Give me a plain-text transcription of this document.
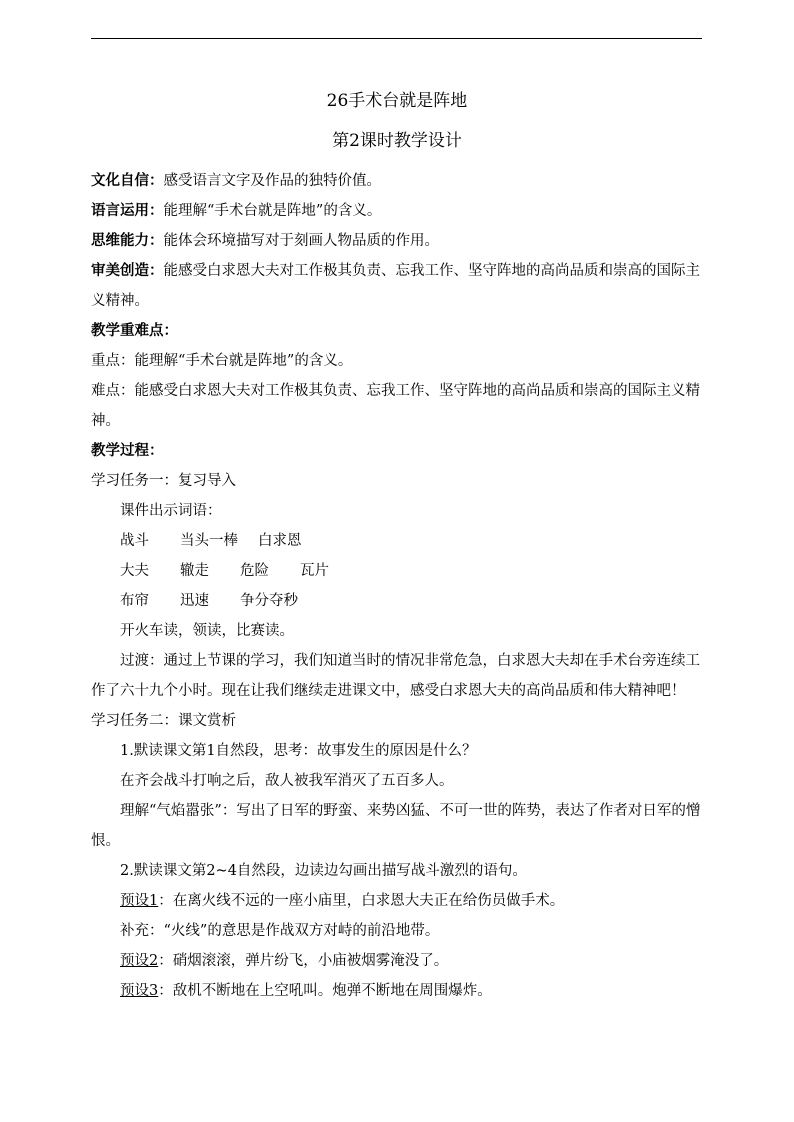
26手术台就是阵地
第2课时教学设计

文化自信：感受语言文字及作品的独特价值。

语言运用：能理解“手术台就是阵地”的含义。

思维能力：能体会环境描写对于刻画人物品质的作用。

审美创造：能感受白求恩大夫对工作极其负责、忘我工作、坚守阵地的高尚品质和崇高的国际主义精神。

教学重难点：

重点：能理解“手术台就是阵地”的含义。

难点：能感受白求恩大夫对工作极其负责、忘我工作、坚守阵地的高尚品质和崇高的国际主义精神。

教学过程：

学习任务一：复习导入

课件出示词语：

战斗 当头一棒 白求恩

大夫 辙走 危险 瓦片

布帘 迅速 争分夺秒

开火车读，领读，比赛读。

过渡：通过上节课的学习，我们知道当时的情况非常危急，白求恩大夫却在手术台旁连续工作了六十九个小时。现在让我们继续走进课文中，感受白求恩大夫的高尚品质和伟大精神吧！

学习任务二：课文赏析

1.默读课文第1自然段，思考：故事发生的原因是什么？

在齐会战斗打响之后，敌人被我军消灭了五百多人。

理解“气焰嚣张”：写出了日军的野蛮、来势凶猛、不可一世的阵势，表达了作者对日军的憎恨。

2.默读课文第2~4自然段，边读边勾画出描写战斗激烈的语句。

预设1：在离火线不远的一座小庙里，白求恩大夫正在给伤员做手术。

补充：“火线”的意思是作战双方对峙的前沿地带。

预设2：硝烟滚滚，弹片纷飞，小庙被烟雾淹没了。

预设3：敌机不断地在上空吼叫。炮弹不断地在周围爆炸。
